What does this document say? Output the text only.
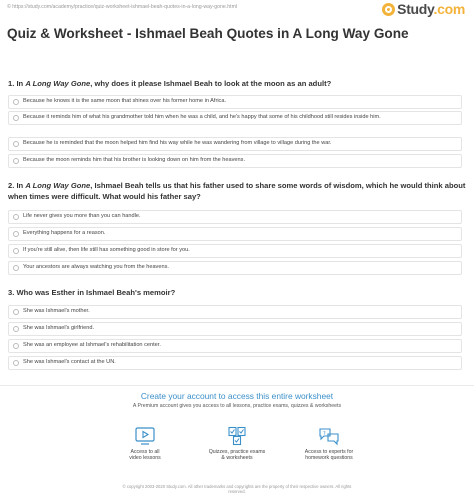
© https://study.com/academy/practice/quiz-worksheet-ishmael-beah-quotes-in-a-long-way-gone.html	Study.com
Quiz & Worksheet - Ishmael Beah Quotes in A Long Way Gone
1. In A Long Way Gone, why does it please Ishmael Beah to look at the moon as an adult?
Because he knows it is the same moon that shines over his former home in Africa.
Because it reminds him of what his grandmother told him when he was a child, and he's happy that some of his childhood still resides inside him.
Because he is reminded that the moon helped him find his way while he was wandering from village to village during the war.
Because the moon reminds him that his brother is looking down on him from the heavens.
2. In A Long Way Gone, Ishmael Beah tells us that his father used to share some words of wisdom, which he would think about when times were difficult. What would his father say?
Life never gives you more than you can handle.
Everything happens for a reason.
If you're still alive, then life still has something good in store for you.
Your ancestors are always watching you from the heavens.
3. Who was Esther in Ishmael Beah's memoir?
She was Ishmael's mother.
She was Ishmael's girlfriend.
She was an employee at Ishmael's rehabilitation center.
She was Ishmael's contact at the UN.
Create your account to access this entire worksheet
A Premium account gives you access to all lessons, practice exams, quizzes & worksheets
Access to all
video lessons
Quizzes, practice exams
& worksheets
?
Access to experts for
homework questions
© copyright 2003-2020 Study.com. All other trademarks and copyrights are the property of their respective owners. All rights
reserved.
